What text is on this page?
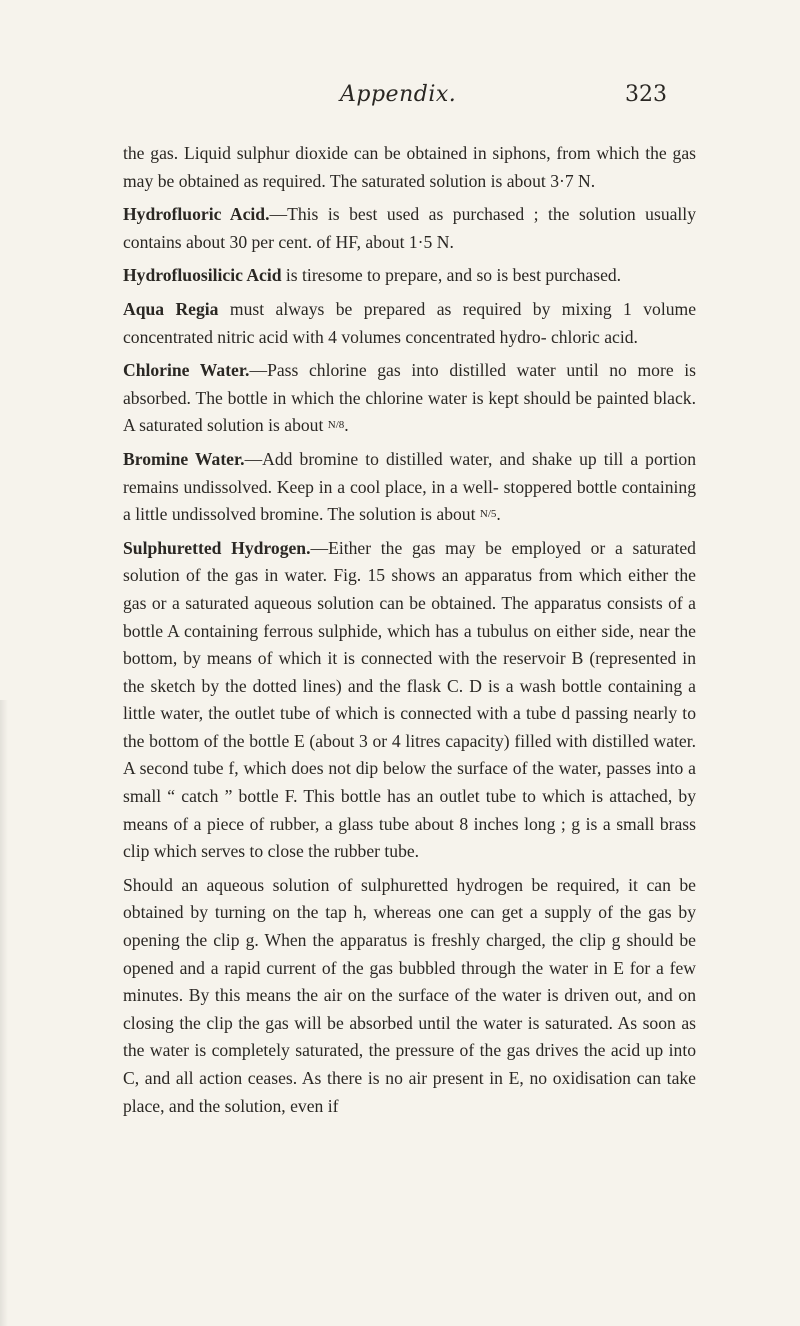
Appendix.	323

the gas. Liquid sulphur dioxide can be obtained in siphons, from which the gas may be obtained as required. The saturated solution is about 3·7 N.

Hydrofluoric Acid.—This is best used as purchased ; the solution usually contains about 30 per cent. of HF, about 1·5 N.

Hydrofluosilicic Acid is tiresome to prepare, and so is best purchased.

Aqua Regia must always be prepared as required by mixing 1 volume concentrated nitric acid with 4 volumes concentrated hydro- chloric acid.

Chlorine Water.—Pass chlorine gas into distilled water until no more is absorbed. The bottle in which the chlorine water is kept should be painted black. A saturated solution is about N/8.

Bromine Water.—Add bromine to distilled water, and shake up till a portion remains undissolved. Keep in a cool place, in a well- stoppered bottle containing a little undissolved bromine. The solution is about N/5.

Sulphuretted Hydrogen.—Either the gas may be employed or a saturated solution of the gas in water. Fig. 15 shows an apparatus from which either the gas or a saturated aqueous solution can be obtained. The apparatus consists of a bottle A containing ferrous sulphide, which has a tubulus on either side, near the bottom, by means of which it is connected with the reservoir B (represented in the sketch by the dotted lines) and the flask C. D is a wash bottle containing a little water, the outlet tube of which is connected with a tube d passing nearly to the bottom of the bottle E (about 3 or 4 litres capacity) filled with distilled water. A second tube f, which does not dip below the surface of the water, passes into a small “ catch ” bottle F. This bottle has an outlet tube to which is attached, by means of a piece of rubber, a glass tube about 8 inches long ; g is a small brass clip which serves to close the rubber tube.

Should an aqueous solution of sulphuretted hydrogen be required, it can be obtained by turning on the tap h, whereas one can get a supply of the gas by opening the clip g. When the apparatus is freshly charged, the clip g should be opened and a rapid current of the gas bubbled through the water in E for a few minutes. By this means the air on the surface of the water is driven out, and on closing the clip the gas will be absorbed until the water is saturated. As soon as the water is completely saturated, the pressure of the gas drives the acid up into C, and all action ceases. As there is no air present in E, no oxidisation can take place, and the solution, even if
